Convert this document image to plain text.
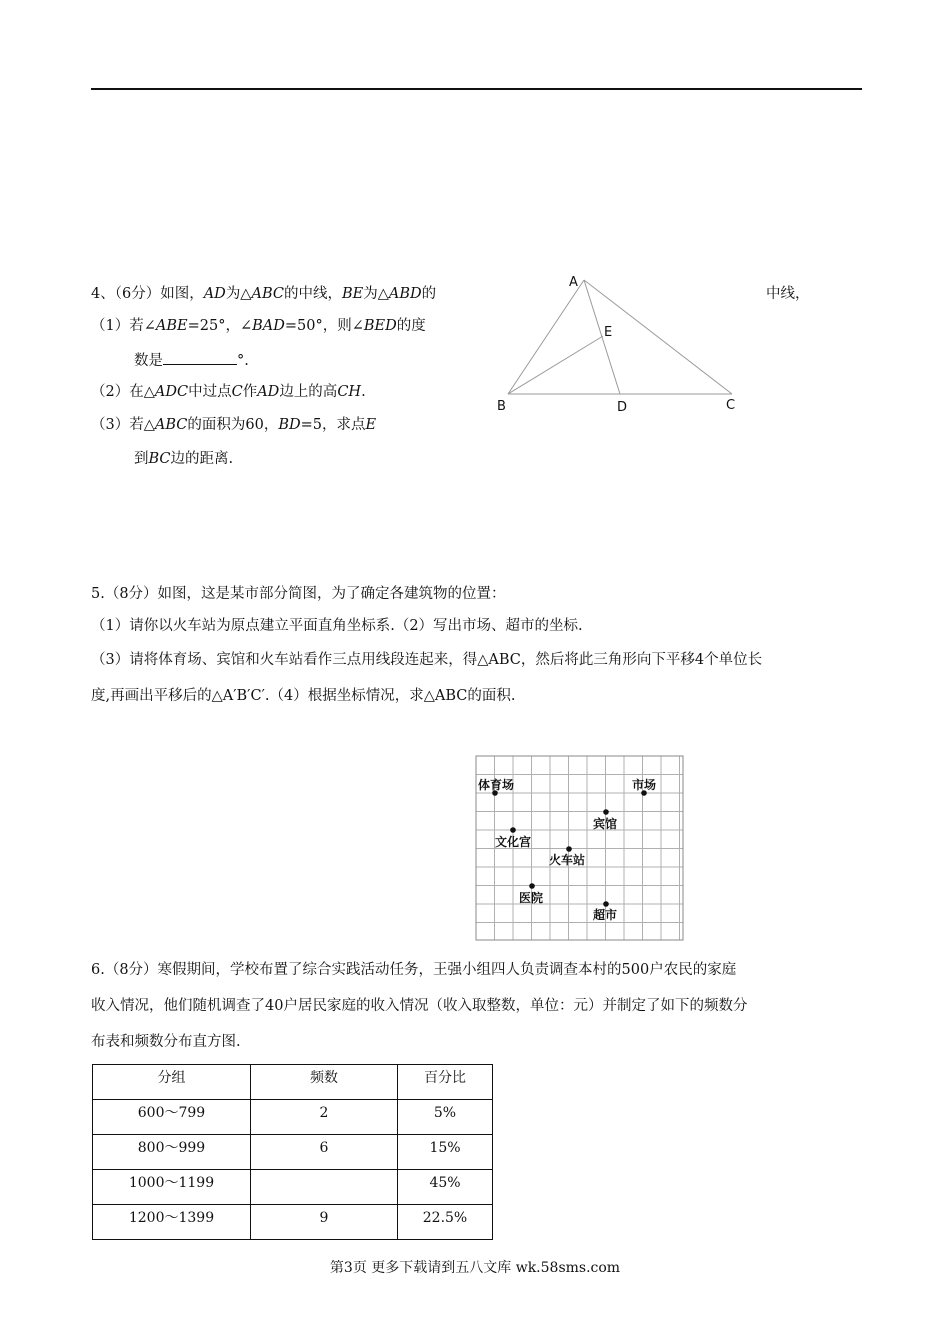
4、（6分）如图，AD为△ABC的中线，BE为△ABD的	中线，
（1）若∠ABE=25°，∠BAD=50°，则∠BED的度
数是	°.
（2）在△ADC中过点C作AD边上的高CH.
（3）若△ABC的面积为60，BD=5，求点E
到BC边的距离.
A
B	D	C
E
5.（8分）如图，这是某市部分简图，为了确定各建筑物的位置：
（1）请你以火车站为原点建立平面直角坐标系.（2）写出市场、超市的坐标.
（3）请将体育场、宾馆和火车站看作三点用线段连起来，得△ABC，然后将此三角形向下平移4个单位长
度,再画出平移后的△A′B′C′.（4）根据坐标情况，求△ABC的面积.
体育场	市场
宾馆
文化宫
火车站
医院
超市
6.（8分）寒假期间，学校布置了综合实践活动任务，王强小组四人负责调查本村的500户农民的家庭
收入情况，他们随机调查了40户居民家庭的收入情况（收入取整数，单位：元）并制定了如下的频数分
布表和频数分布直方图.
分组	频数	百分比
600～799	2	5%
800～999	6	15%
1000～1199		45%
1200～1399	9	22.5%
第3页 更多下载请到五八文库 wk.58sms.com
